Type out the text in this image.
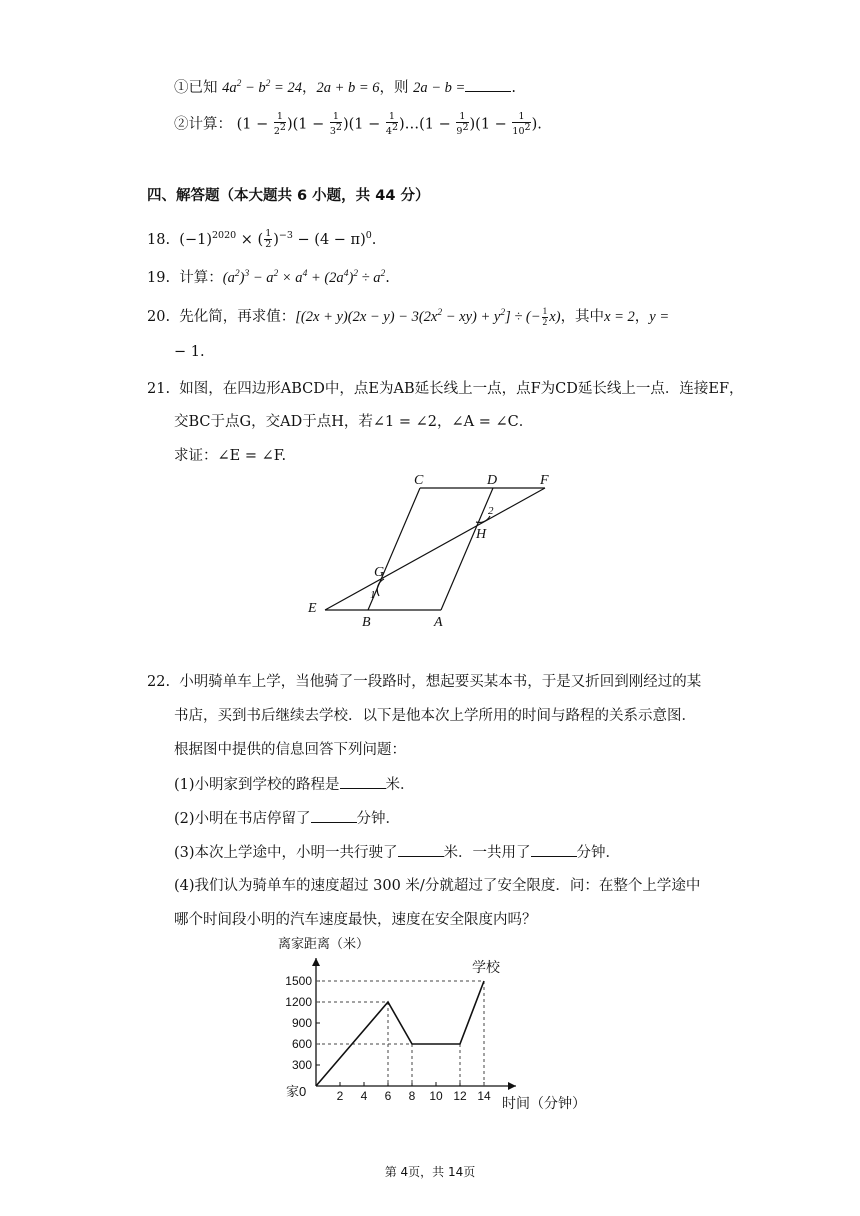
①已知 $4a^2 - b^2 = 24$，2a + b = 6，则 2a − b =	.
②计算： $(1 - \frac{1}{2^2} )(1 - \frac{1}{3^2} )(1 - \frac{1}{4^2}$ )…(1 − $\frac{1}{9^2} )(1 - \frac{1}{10^2}$ ).
四、解答题（本大题共 6 小题，共 44 分）
18.  $(-1)^{2020}$ × ( $\frac{1}{2} )^{-3} - (4 - \pi)^0$.
19.  计算：$(a^2)^3 - a^2 \times a^4 + (2a^4)^2 \div a^2$.
20.  先化简，再求值：$[(2x + y)(2x - y) - 3(2x^2 - xy) + y^2]$ ÷ (− $\frac{1}{2} x$)，其中x = 2，y =
− 1.
21. 如图，在四边形ABCD中，点E为AB延长线上一点，点F为CD延长线上一点．连接EF，
交BC于点G，交AD于点H，若∠1 = ∠2，∠A = ∠C．
求证：∠E = ∠F.
C	D	F
H
G
E
B	A
1
2
22. 小明骑单车上学，当他骑了一段路时，想起要买某本书，于是又折回到刚经过的某
书店，买到书后继续去学校．以下是他本次上学所用的时间与路程的关系示意图．
根据图中提供的信息回答下列问题：
(1)小明家到学校的路程是	米．
(2)小明在书店停留了	分钟．
(3)本次上学途中，小明一共行驶了	米．一共用了	分钟．
(4)我们认为骑单车的速度超过 300 米/分就超过了安全限度．问：在整个上学途中
哪个时间段小明的汽车速度最快，速度在安全限度内吗？
2 4 6 8 10 12 14
300
600
900
1200
1500
离家距离（米）
时间（分钟）
家0
学校
第 4页，共 14页
